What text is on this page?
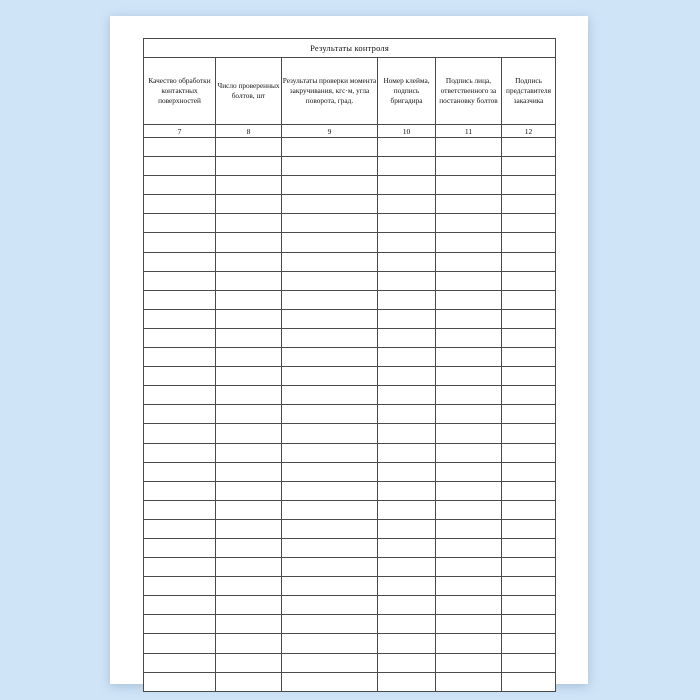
Результаты контроля					
Качество обработки контактных поверхностей	Число проверенных болтов, шт	Результаты проверки момента закручивания, кгс·м, угла поворота, град.	Номер клейма, подпись бригадира	Подпись лица, ответственного за постановку болтов	Подпись представителя заказчика
7	8	9	10	11	12
